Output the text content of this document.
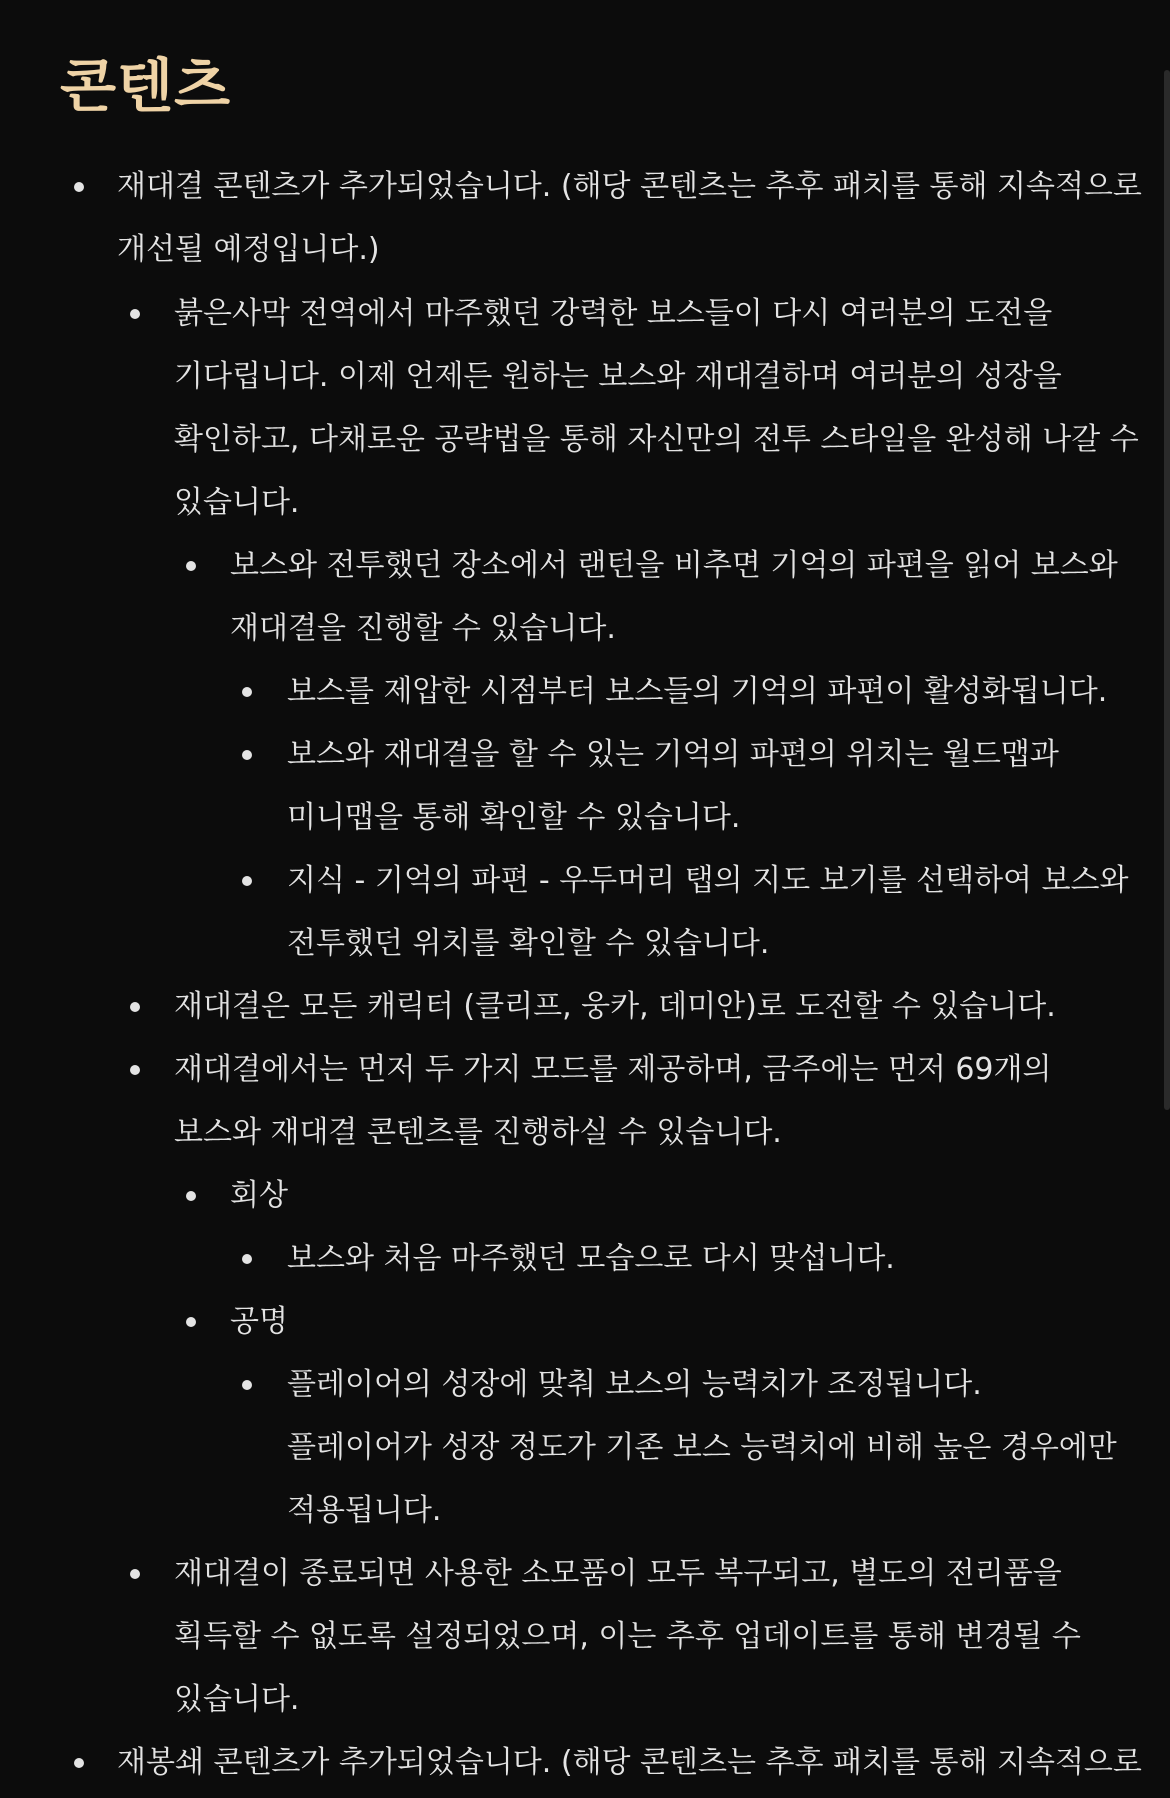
콘텐츠
재대결 콘텐츠가 추가되었습니다. (해당 콘텐츠는 추후 패치를 통해 지속적으로
개선될 예정입니다.)
붉은사막 전역에서 마주했던 강력한 보스들이 다시 여러분의 도전을
기다립니다. 이제 언제든 원하는 보스와 재대결하며 여러분의 성장을
확인하고, 다채로운 공략법을 통해 자신만의 전투 스타일을 완성해 나갈 수
있습니다.
보스와 전투했던 장소에서 랜턴을 비추면 기억의 파편을 읽어 보스와
재대결을 진행할 수 있습니다.
보스를 제압한 시점부터 보스들의 기억의 파편이 활성화됩니다.
보스와 재대결을 할 수 있는 기억의 파편의 위치는 월드맵과
미니맵을 통해 확인할 수 있습니다.
지식 - 기억의 파편 - 우두머리 탭의 지도 보기를 선택하여 보스와
전투했던 위치를 확인할 수 있습니다.
재대결은 모든 캐릭터 (클리프, 웅카, 데미안)로 도전할 수 있습니다.
재대결에서는 먼저 두 가지 모드를 제공하며, 금주에는 먼저 69개의
보스와 재대결 콘텐츠를 진행하실 수 있습니다.
회상
보스와 처음 마주했던 모습으로 다시 맞섭니다.
공명
플레이어의 성장에 맞춰 보스의 능력치가 조정됩니다.
플레이어가 성장 정도가 기존 보스 능력치에 비해 높은 경우에만
적용됩니다.
재대결이 종료되면 사용한 소모품이 모두 복구되고, 별도의 전리품을
획득할 수 없도록 설정되었으며, 이는 추후 업데이트를 통해 변경될 수
있습니다.
재봉쇄 콘텐츠가 추가되었습니다. (해당 콘텐츠는 추후 패치를 통해 지속적으로
